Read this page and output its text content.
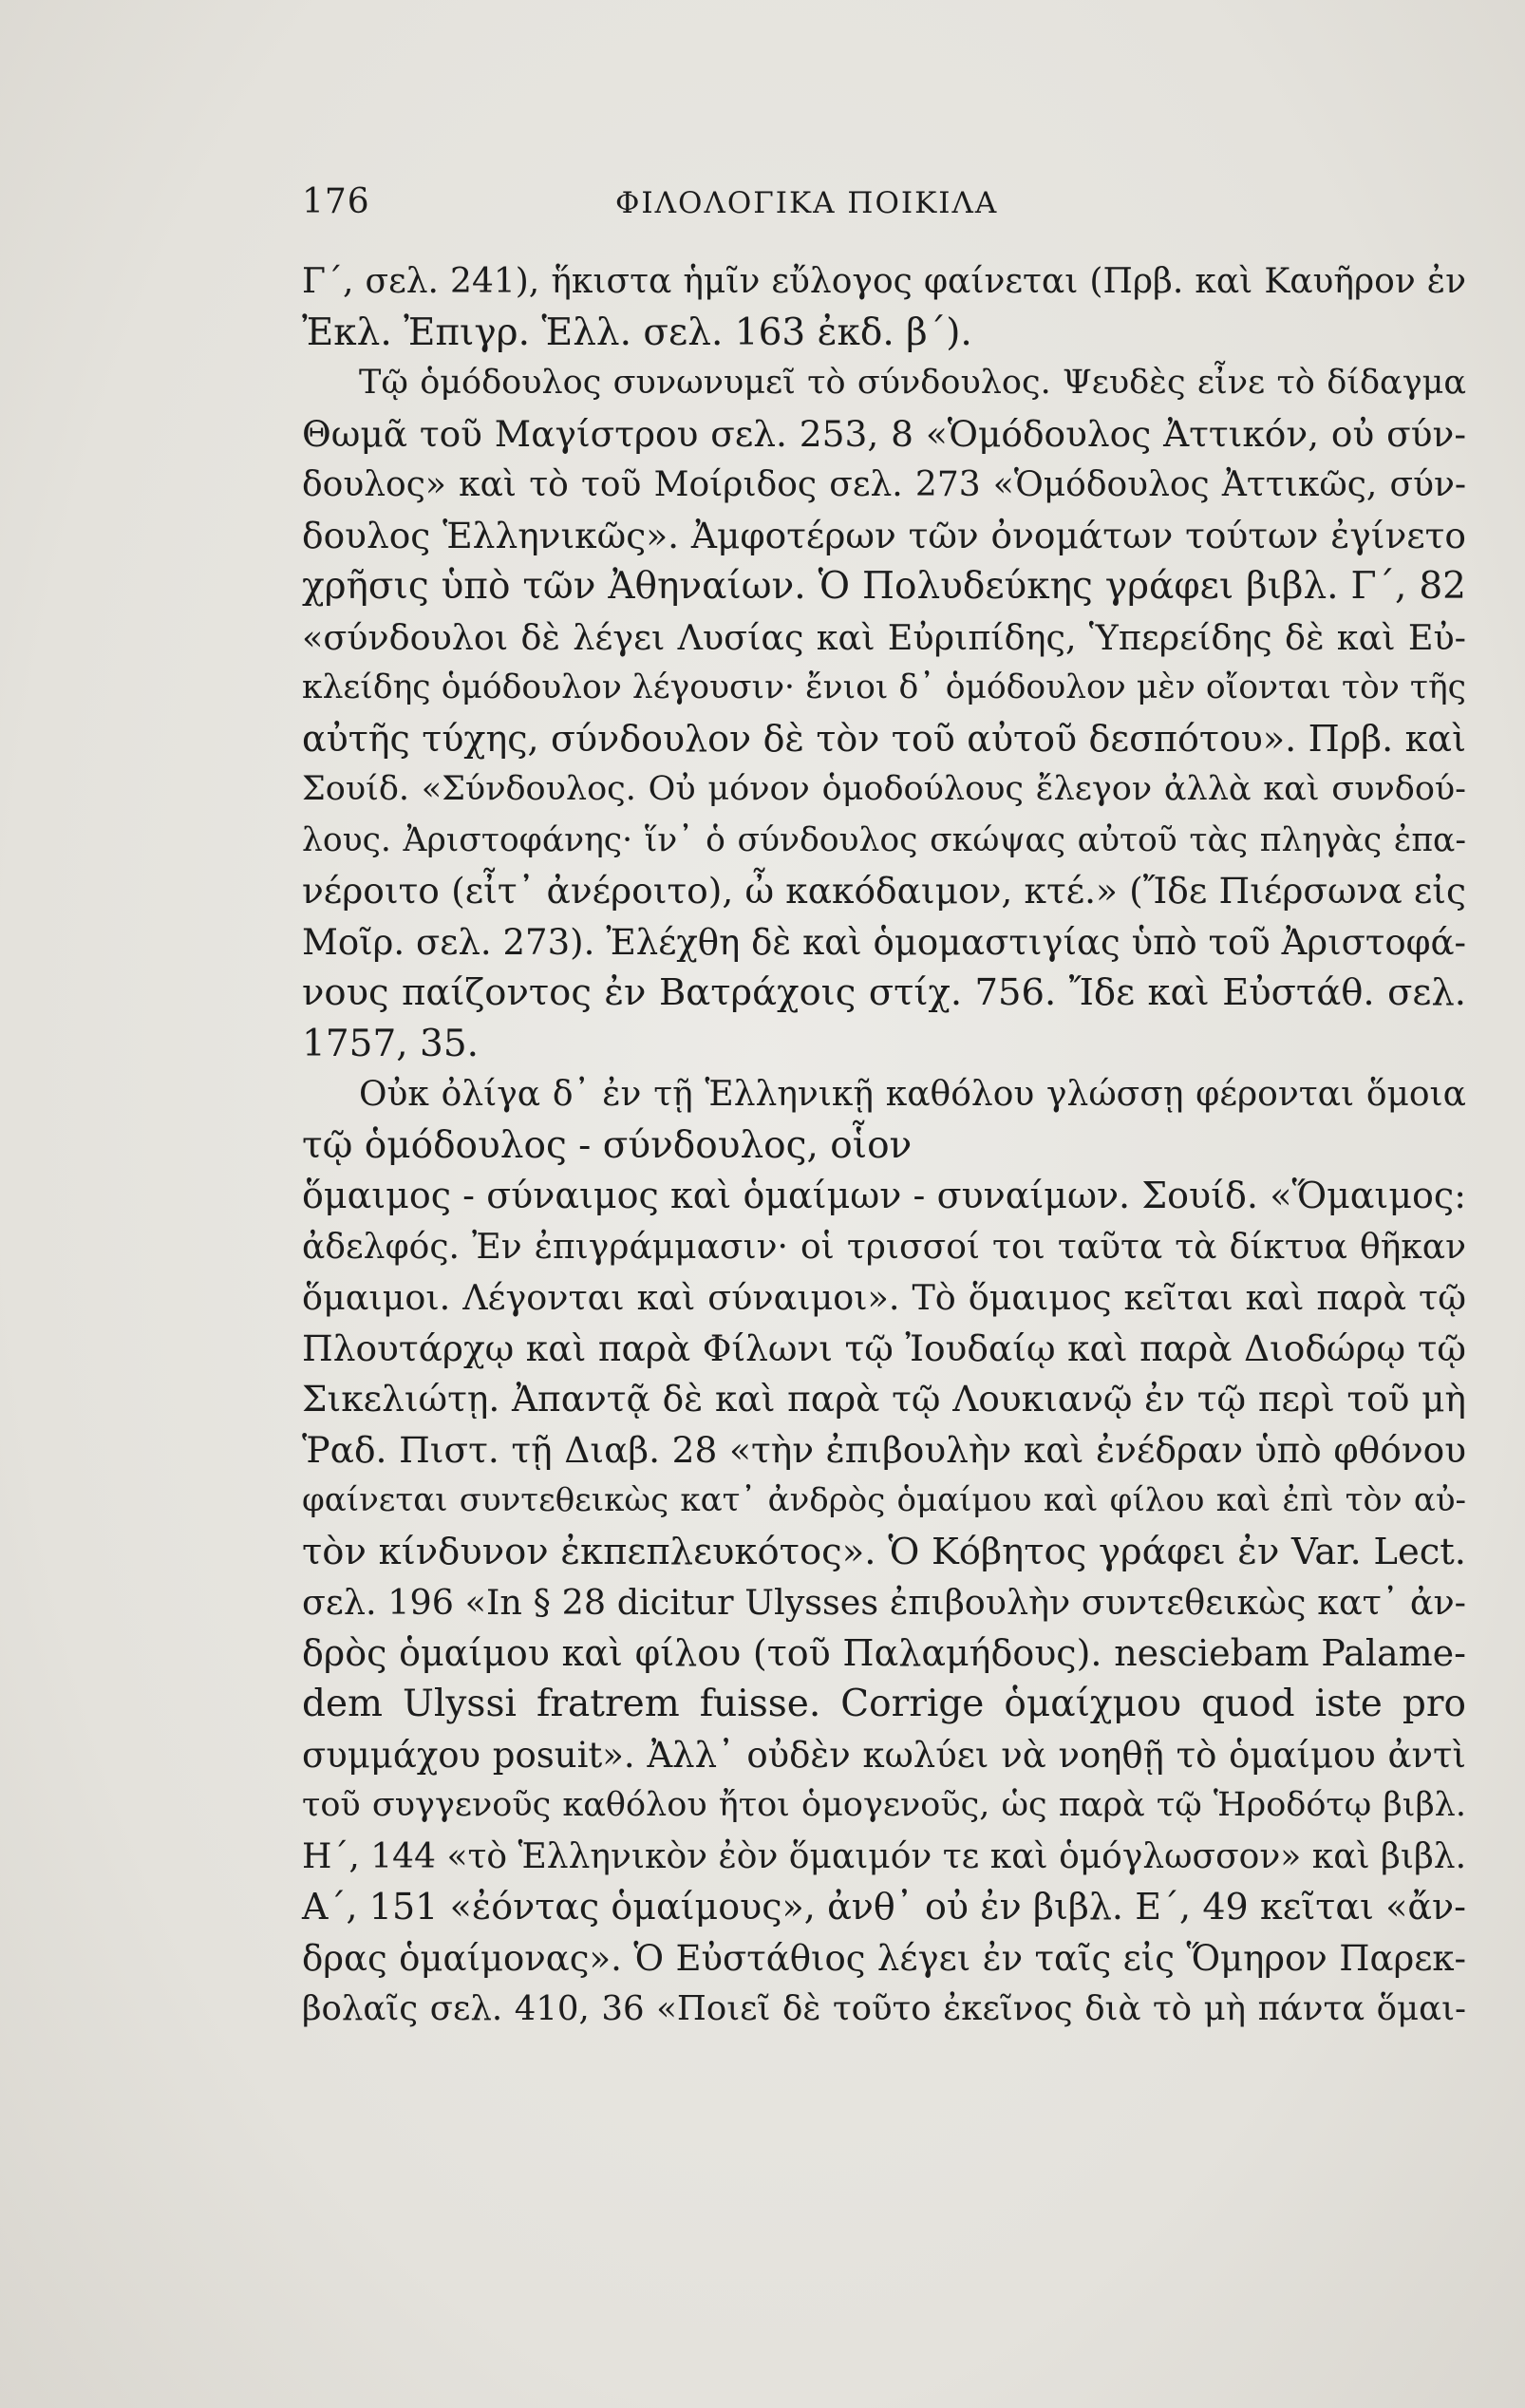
176	ΦΙΛΟΛΟΓΙΚΑ ΠΟΙΚΙΛΑ
Γ΄, σελ. 241), ἥκιστα ἡμῖν εὔλογος φαίνεται (Πρβ. καὶ Καυῆρον ἐν
Ἐκλ. Ἐπιγρ. Ἑλλ. σελ. 163 ἐκδ. β΄).
Τῷ ὁμόδουλος συνωνυμεῖ τὸ σύνδουλος. Ψευδὲς εἶνε τὸ δίδαγμα
Θωμᾶ τοῦ Μαγίστρου σελ. 253, 8 «Ὁμόδουλος Ἀττικόν, οὐ σύν-
δουλος» καὶ τὸ τοῦ Μοίριδος σελ. 273 «Ὁμόδουλος Ἀττικῶς, σύν-
δουλος Ἑλληνικῶς». Ἀμφοτέρων τῶν ὀνομάτων τούτων ἐγίνετο
χρῆσις ὑπὸ τῶν Ἀθηναίων. Ὁ Πολυδεύκης γράφει βιβλ. Γ΄, 82
«σύνδουλοι δὲ λέγει Λυσίας καὶ Εὐριπίδης, Ὑπερείδης δὲ καὶ Εὐ-
κλείδης ὁμόδουλον λέγουσιν· ἔνιοι δ᾽ ὁμόδουλον μὲν οἴονται τὸν τῆς
αὐτῆς τύχης, σύνδουλον δὲ τὸν τοῦ αὐτοῦ δεσπότου». Πρβ. καὶ
Σουίδ. «Σύνδουλος. Οὐ μόνον ὁμοδούλους ἔλεγον ἀλλὰ καὶ συνδού-
λους. Ἀριστοφάνης· ἵν᾽ ὁ σύνδουλος σκώψας αὐτοῦ τὰς πληγὰς ἐπα-
νέροιτο (εἶτ᾽ ἀνέροιτο), ὦ κακόδαιμον, κτέ.» (Ἴδε Πιέρσωνα εἰς
Μοῖρ. σελ. 273). Ἐλέχθη δὲ καὶ ὁμομαστιγίας ὑπὸ τοῦ Ἀριστοφά-
νους παίζοντος ἐν Βατράχοις στίχ. 756. Ἴδε καὶ Εὐστάθ. σελ.
1757, 35.
Οὐκ ὀλίγα δ᾽ ἐν τῇ Ἑλληνικῇ καθόλου γλώσσῃ φέρονται ὅμοια
τῷ ὁμόδουλος - σύνδουλος, οἷον
ὅμαιμος - σύναιμος καὶ ὁμαίμων - συναίμων. Σουίδ. «Ὅμαιμος:
ἀδελφός. Ἐν ἐπιγράμμασιν· οἱ τρισσοί τοι ταῦτα τὰ δίκτυα θῆκαν
ὅμαιμοι. Λέγονται καὶ σύναιμοι». Τὸ ὅμαιμος κεῖται καὶ παρὰ τῷ
Πλουτάρχῳ καὶ παρὰ Φίλωνι τῷ Ἰουδαίῳ καὶ παρὰ Διοδώρῳ τῷ
Σικελιώτῃ. Ἀπαντᾷ δὲ καὶ παρὰ τῷ Λουκιανῷ ἐν τῷ περὶ τοῦ μὴ
Ῥαδ. Πιστ. τῇ Διαβ. 28 «τὴν ἐπιβουλὴν καὶ ἐνέδραν ὑπὸ φθόνου
φαίνεται συντεθεικὼς κατ᾽ ἀνδρὸς ὁμαίμου καὶ φίλου καὶ ἐπὶ τὸν αὐ-
τὸν κίνδυνον ἐκπεπλευκότος». Ὁ Κόβητος γράφει ἐν Var. Lect.
σελ. 196 «In § 28 dicitur Ulysses ἐπιβουλὴν συντεθεικὼς κατ᾽ ἀν-
δρὸς ὁμαίμου καὶ φίλου (τοῦ Παλαμήδους). nesciebam Palame-
dem Ulyssi fratrem fuisse. Corrige ὁμαίχμου quod iste pro
συμμάχου posuit». Ἀλλ᾽ οὐδὲν κωλύει νὰ νοηθῇ τὸ ὁμαίμου ἀντὶ
τοῦ συγγενοῦς καθόλου ἤτοι ὁμογενοῦς, ὡς παρὰ τῷ Ἡροδότῳ βιβλ.
Η΄, 144 «τὸ Ἑλληνικὸν ἐὸν ὅμαιμόν τε καὶ ὁμόγλωσσον» καὶ βιβλ.
Α΄, 151 «ἐόντας ὁμαίμους», ἀνθ᾽ οὐ ἐν βιβλ. Ε΄, 49 κεῖται «ἄν-
δρας ὁμαίμονας». Ὁ Εὐστάθιος λέγει ἐν ταῖς εἰς Ὅμηρον Παρεκ-
βολαῖς σελ. 410, 36 «Ποιεῖ δὲ τοῦτο ἐκεῖνος διὰ τὸ μὴ πάντα ὅμαι-
